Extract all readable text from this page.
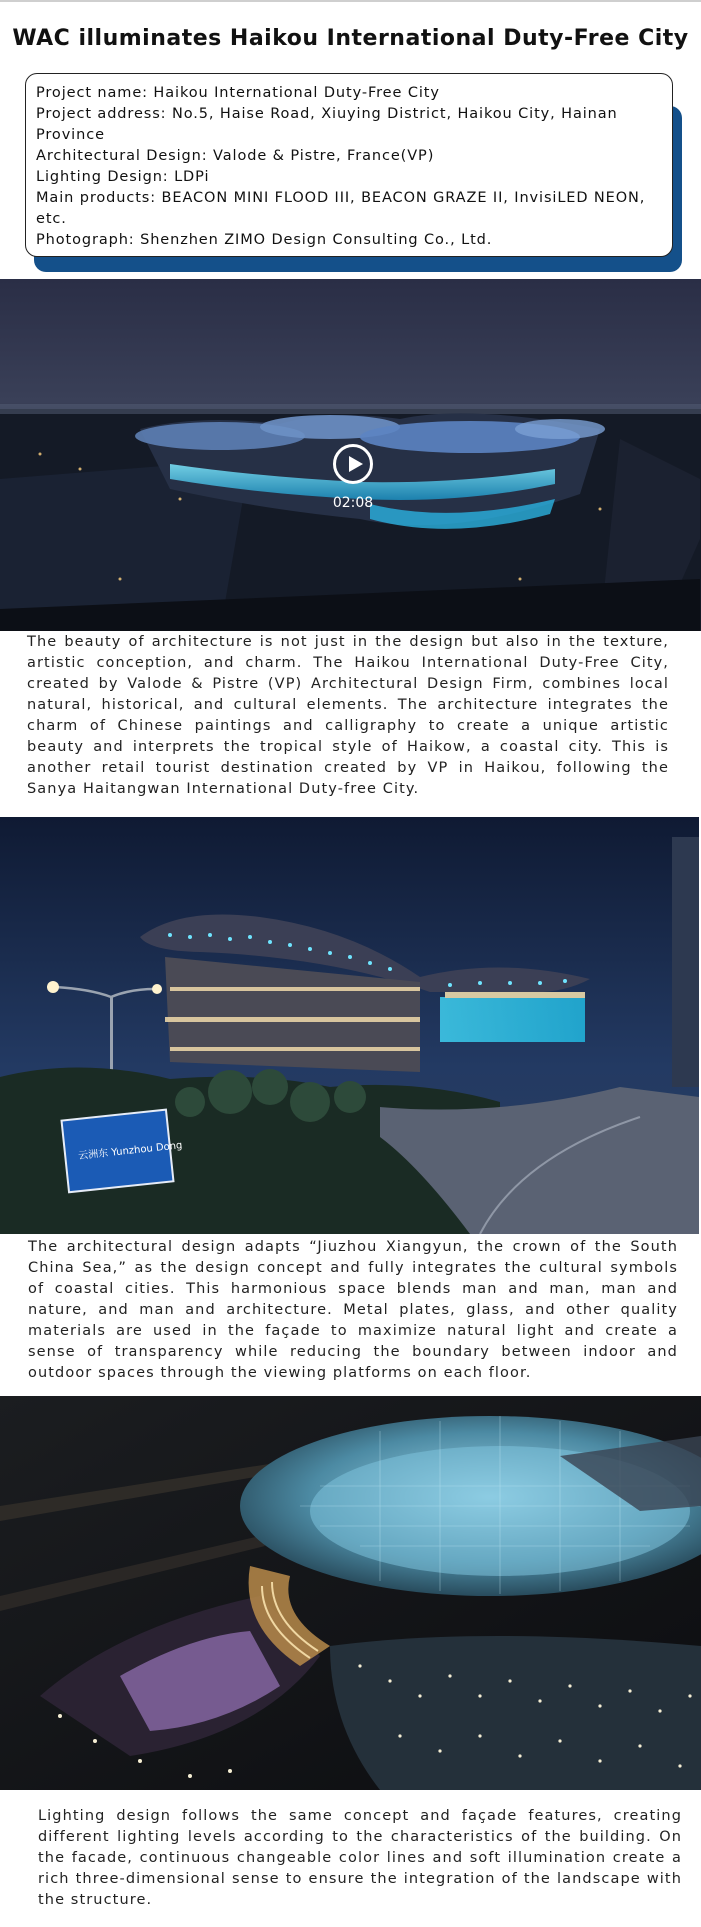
WAC illuminates Haikou International Duty-Free City
Project name: Haikou International Duty-Free City
Project address: No.5, Haise Road, Xiuying District, Haikou City, Hainan Province
Architectural Design: Valode & Pistre, France(VP)
Lighting Design: LDPi
Main products: BEACON MINI FLOOD III, BEACON GRAZE II, InvisiLED NEON, etc.
Photograph: Shenzhen ZIMO Design Consulting Co., Ltd.
02:08

The beauty of architecture is not just in the design but also in the texture, artistic conception, and charm. The Haikou International Duty-Free City, created by Valode & Pistre (VP) Architectural Design Firm, combines local natural, historical, and cultural elements. The architecture integrates the charm of Chinese paintings and calligraphy to create a unique artistic beauty and interprets the tropical style of Haikow, a coastal city. This is another retail tourist destination created by VP in Haikou, following the Sanya Haitangwan International Duty-free City.

云洲东 Yunzhou Dong

The architectural design adapts “Jiuzhou Xiangyun, the crown of the South China Sea,” as the design concept and fully integrates the cultural symbols of coastal cities. This harmonious space blends man and man, man and nature, and man and architecture. Metal plates, glass, and other quality materials are used in the façade to maximize natural light and create a sense of transparency while reducing the boundary between indoor and outdoor spaces through the viewing platforms on each floor.

Lighting design follows the same concept and façade features, creating different lighting levels according to the characteristics of the building. On the facade, continuous changeable color lines and soft illumination create a rich three-dimensional sense to ensure the integration of the landscape with the structure.
